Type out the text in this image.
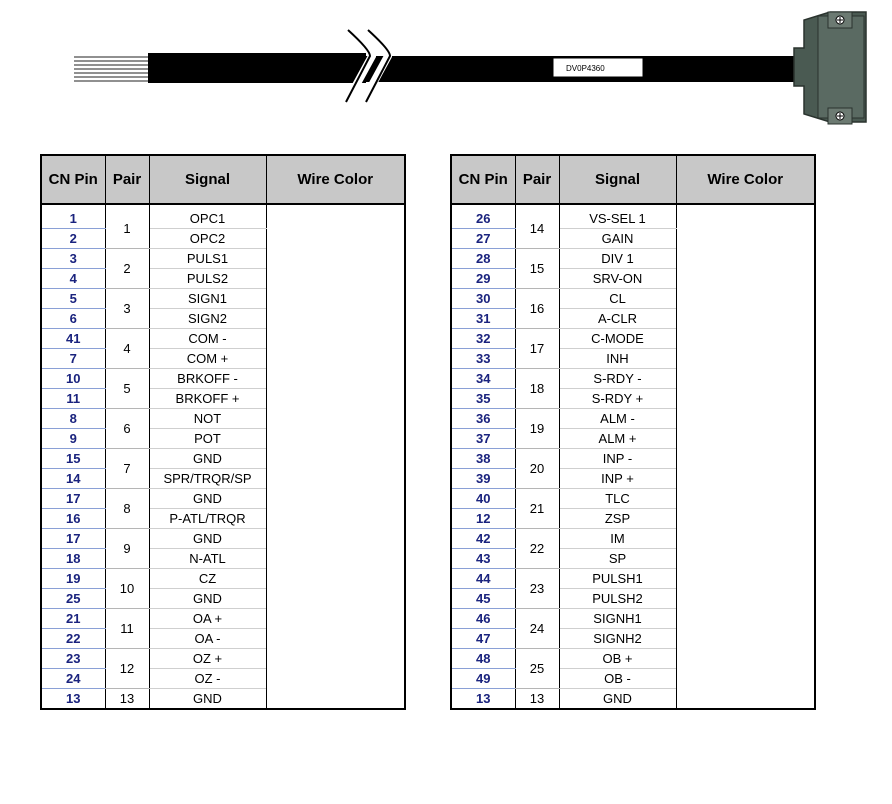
DV0P4360
CN Pin	Pair	Signal	Wire Color

1	1	OPC1	
2		OPC2	
3	2	PULS1	
4		PULS2	
5	3	SIGN1	
6		SIGN2	
41	4	COM -	
7		COM +	
10	5	BRKOFF -	
11		BRKOFF +	
8	6	NOT	
9		POT	
15	7	GND	
14		SPR/TRQR/SP	
17	8	GND	
16		P-ATL/TRQR	
17	9	GND	
18		N-ATL	
19	10	CZ	
25		GND	
21	11	OA +	
22		OA -	
23	12	OZ +	
24		OZ -	
13	13	GND	
CN Pin	Pair	Signal	Wire Color

26	14	VS-SEL 1	
27		GAIN	
28	15	DIV 1	
29		SRV-ON	
30	16	CL	
31		A-CLR	
32	17	C-MODE	
33		INH	
34	18	S-RDY -	
35		S-RDY +	
36	19	ALM -	
37		ALM +	
38	20	INP -	
39		INP +	
40	21	TLC	
12		ZSP	
42	22	IM	
43		SP	
44	23	PULSH1	
45		PULSH2	
46	24	SIGNH1	
47		SIGNH2	
48	25	OB +	
49		OB -	
13	13	GND	
